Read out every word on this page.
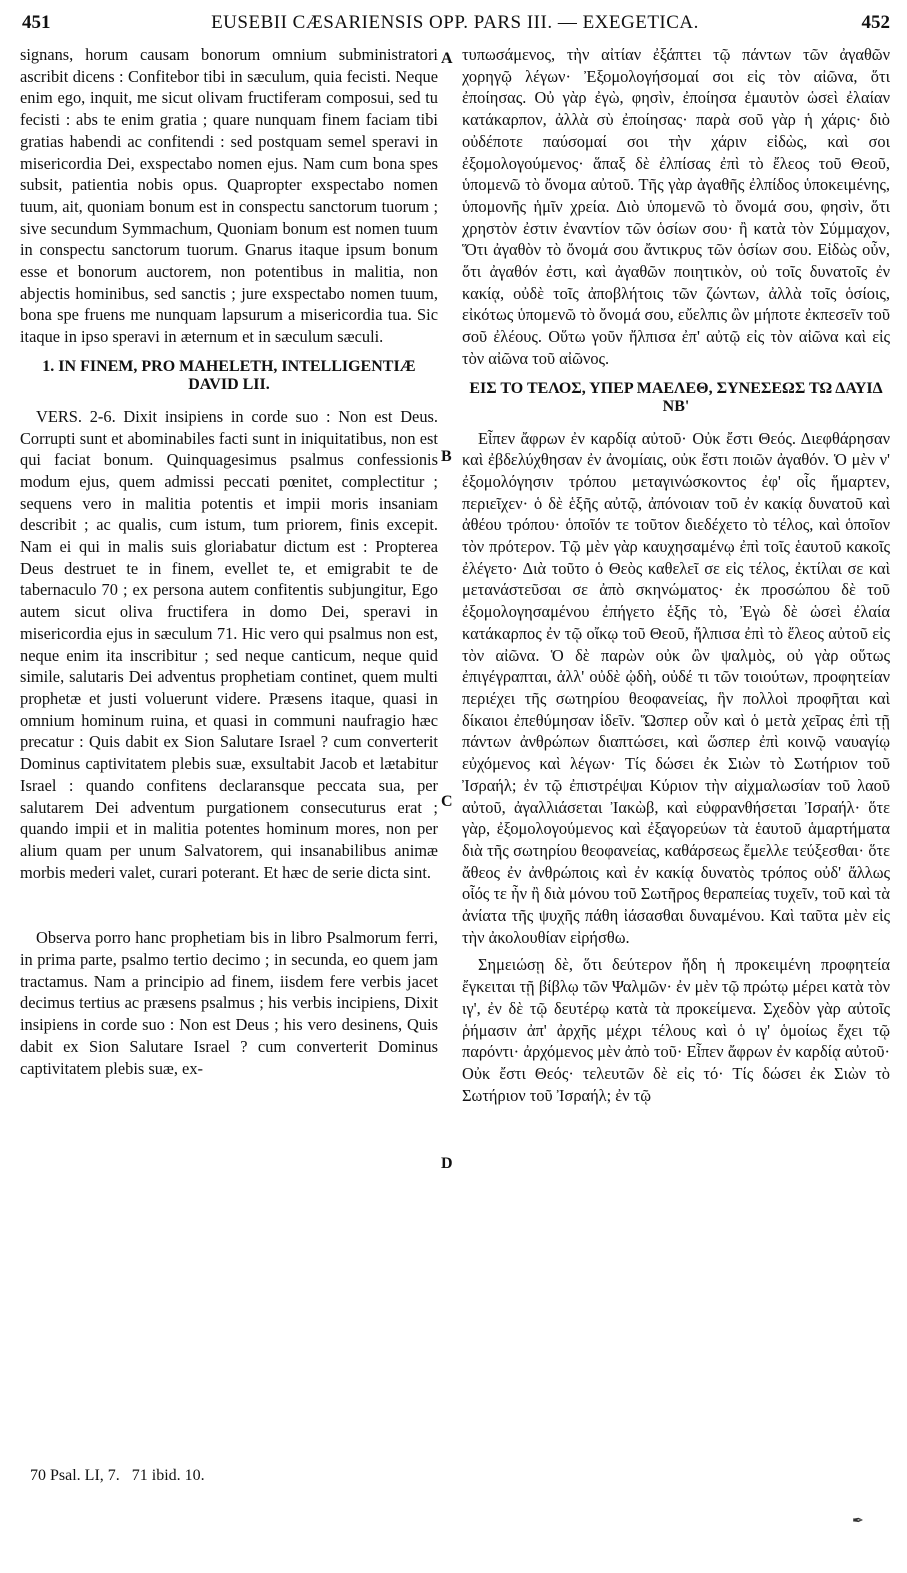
451	EUSEBII CÆSARIENSIS OPP. PARS III. — EXEGETICA.	452

signans, horum causam bonorum omnium subministratori ascribit dicens : Confitebor tibi in sæculum, quia fecisti. Neque enim ego, inquit, me sicut olivam fructiferam composui, sed tu fecisti : abs te enim gratia ; quare nunquam finem faciam tibi gratias habendi ac confitendi : sed postquam semel speravi in misericordia Dei, exspectabo nomen ejus. Nam cum bona spes subsit, patientia nobis opus. Quapropter exspectabo nomen tuum, ait, quoniam bonum est in conspectu sanctorum tuorum ; sive secundum Symmachum, Quoniam bonum est nomen tuum in conspectu sanctorum tuorum. Gnarus itaque ipsum bonum esse et bonorum auctorem, non potentibus in malitia, non abjectis hominibus, sed sanctis ; jure exspectabo nomen tuum, bona spe fruens me nunquam lapsurum a misericordia tua. Sic itaque in ipso speravi in æternum et in sæculum sæculi.

1. IN FINEM, PRO MAHELETH, INTELLIGENTIÆ DAVID LII.

VERS. 2-6. Dixit insipiens in corde suo : Non est Deus. Corrupti sunt et abominabiles facti sunt in iniquitatibus, non est qui faciat bonum. Quinquagesimus psalmus confessionis modum ejus, quem admissi peccati pœnitet, complectitur ; sequens vero in malitia potentis et impii moris insaniam describit ; ac qualis, cum istum, tum priorem, finis excepit. Nam ei qui in malis suis gloriabatur dictum est : Propterea Deus destruet te in finem, evellet te, et emigrabit te de tabernaculo 70 ; ex persona autem confitentis subjungitur, Ego autem sicut oliva fructifera in domo Dei, speravi in misericordia ejus in sæculum 71. Hic vero qui psalmus non est, neque enim ita inscribitur ; sed neque canticum, neque quid simile, salutaris Dei adventus prophetiam continet, quem multi prophetæ et justi voluerunt videre. Præsens itaque, quasi in omnium hominum ruina, et quasi in communi naufragio hæc precatur : Quis dabit ex Sion Salutare Israel ? cum converterit Dominus captivitatem plebis suæ, exsultabit Jacob et lætabitur Israel : quando confitens declaransque peccata sua, per salutarem Dei adventum purgationem consecuturus erat ; quando impii et in malitia potentes hominum mores, non per alium quam per unum Salvatorem, qui insanabilibus animæ morbis mederi valet, curari poterant. Et hæc de serie dicta sint.

Observa porro hanc prophetiam bis in libro Psalmorum ferri, in prima parte, psalmo tertio decimo ; in secunda, eo quem jam tractamus. Nam a principio ad finem, iisdem fere verbis jacet decimus tertius ac præsens psalmus ; his verbis incipiens, Dixit insipiens in corde suo : Non est Deus ; his vero desinens, Quis dabit ex Sion Salutare Israel ? cum converterit Dominus captivitatem plebis suæ, ex-

τυπωσάμενος, τὴν αἰτίαν ἐξάπτει τῷ πάντων τῶν ἀγαθῶν χορηγῷ λέγων· Ἐξομολογήσομαί σοι εἰς τὸν αἰῶνα, ὅτι ἐποίησας. Οὐ γὰρ ἐγὼ, φησὶν, ἐποίησα ἐμαυτὸν ὡσεὶ ἐλαίαν κατάκαρπον, ἀλλὰ σὺ ἐποίησας· παρὰ σοῦ γὰρ ἡ χάρις· διὸ οὐδέποτε παύσομαί σοι τὴν χάριν εἰδὼς, καὶ σοι ἐξομολογούμενος· ἅπαξ δὲ ἐλπίσας ἐπὶ τὸ ἔλεος τοῦ Θεοῦ, ὑπομενῶ τὸ ὄνομα αὐτοῦ. Τῆς γὰρ ἀγαθῆς ἐλπίδος ὑποκειμένης, ὑπομονῆς ἡμῖν χρεία. Διὸ ὑπομενῶ τὸ ὄνομά σου, φησὶν, ὅτι χρηστὸν ἐστιν ἐναντίον τῶν ὁσίων σου· ἢ κατὰ τὸν Σύμμαχον, Ὅτι ἀγαθὸν τὸ ὄνομά σου ἄντικρυς τῶν ὁσίων σου. Εἰδὼς οὖν, ὅτι ἀγαθόν ἐστι, καὶ ἀγαθῶν ποιητικὸν, οὐ τοῖς δυνατοῖς ἐν κακίᾳ, οὐδὲ τοῖς ἀποβλήτοις τῶν ζώντων, ἀλλὰ τοῖς ὁσίοις, εἰκότως ὑπομενῶ τὸ ὄνομά σου, εὔελπις ὢν μήποτε ἐκπεσεῖν τοῦ σοῦ ἐλέους. Οὕτω γοῦν ἤλπισα ἐπ' αὐτῷ εἰς τὸν αἰῶνα καὶ εἰς τὸν αἰῶνα τοῦ αἰῶνος.

ΕΙΣ ΤΟ ΤΕΛΟΣ, ΥΠΕΡ ΜΑΕΛΕΘ, ΣΥΝΕΣΕΩΣ ΤΩ ΔΑΥΙΔ ΝΒ'

Εἶπεν ἄφρων ἐν καρδίᾳ αὐτοῦ· Οὐκ ἔστι Θεός. Διεφθάρησαν καὶ ἐβδελύχθησαν ἐν ἀνομίαις, οὐκ ἔστι ποιῶν ἀγαθόν. Ὁ μὲν ν' ἐξομολόγησιν τρόπου μεταγινώσκοντος ἐφ' οἷς ἥμαρτεν, περιεῖχεν· ὁ δὲ ἑξῆς αὐτῷ, ἀπόνοιαν τοῦ ἐν κακίᾳ δυνατοῦ καὶ ἀθέου τρόπου· ὁποῖόν τε τοῦτον διεδέχετο τὸ τέλος, καὶ ὁποῖον τὸν πρότερον. Τῷ μὲν γὰρ καυχησαμένῳ ἐπὶ τοῖς ἑαυτοῦ κακοῖς ἐλέγετο· Διὰ τοῦτο ὁ Θεὸς καθελεῖ σε εἰς τέλος, ἐκτίλαι σε καὶ μετανάστεῦσαι σε ἀπὸ σκηνώματος· ἐκ προσώπου δὲ τοῦ ἐξομολογησαμένου ἐπήγετο ἑξῆς τὸ, Ἐγὼ δὲ ὡσεὶ ἐλαία κατάκαρπος ἐν τῷ οἴκῳ τοῦ Θεοῦ, ἤλπισα ἐπὶ τὸ ἔλεος αὐτοῦ εἰς τὸν αἰῶνα. Ὁ δὲ παρὼν οὐκ ὢν ψαλμὸς, οὐ γὰρ οὕτως ἐπιγέγραπται, ἀλλ' οὐδὲ ᾠδὴ, οὐδέ τι τῶν τοιούτων, προφητείαν περιέχει τῆς σωτηρίου θεοφανείας, ἣν πολλοὶ προφῆται καὶ δίκαιοι ἐπεθύμησαν ἰδεῖν. Ὥσπερ οὖν καὶ ὁ μετὰ χεῖρας ἐπὶ τῇ πάντων ἀνθρώπων διαπτώσει, καὶ ὥσπερ ἐπὶ κοινῷ ναυαγίῳ εὐχόμενος καὶ λέγων· Τίς δώσει ἐκ Σιὼν τὸ Σωτήριον τοῦ Ἰσραήλ; ἐν τῷ ἐπιστρέψαι Κύριον τὴν αἰχμαλωσίαν τοῦ λαοῦ αὐτοῦ, ἀγαλλιάσεται Ἰακὼβ, καὶ εὐφρανθήσεται Ἰσραήλ· ὅτε γὰρ, ἐξομολογούμενος καὶ ἐξαγορεύων τὰ ἑαυτοῦ ἁμαρτήματα διὰ τῆς σωτηρίου θεοφανείας, καθάρσεως ἔμελλε τεύξεσθαι· ὅτε ἄθεος ἐν ἀνθρώποις καὶ ἐν κακίᾳ δυνατὸς τρόπος οὐδ' ἄλλως οἷός τε ἦν ἢ διὰ μόνου τοῦ Σωτῆρος θεραπείας τυχεῖν, τοῦ καὶ τὰ ἀνίατα τῆς ψυχῆς πάθη ἰάσασθαι δυναμένου. Καὶ ταῦτα μὲν εἰς τὴν ἀκολουθίαν εἰρήσθω.

Σημειώσῃ δὲ, ὅτι δεύτερον ἤδη ἡ προκειμένη προφητεία ἔγκειται τῇ βίβλῳ τῶν Ψαλμῶν· ἐν μὲν τῷ πρώτῳ μέρει κατὰ τὸν ιγ', ἐν δὲ τῷ δευτέρῳ κατὰ τὰ προκείμενα. Σχεδὸν γὰρ αὐτοῖς ῥήμασιν ἀπ' ἀρχῆς μέχρι τέλους καὶ ὁ ιγ' ὁμοίως ἔχει τῷ παρόντι· ἀρχόμενος μὲν ἀπὸ τοῦ· Εἶπεν ἄφρων ἐν καρδίᾳ αὐτοῦ· Οὐκ ἔστι Θεός· τελευτῶν δὲ εἰς τό· Τίς δώσει ἐκ Σιὼν τὸ Σωτήριον τοῦ Ἰσραήλ; ἐν τῷ

A
B
C
D
70 Psal. LI, 7. 71 ibid. 10.
✒
